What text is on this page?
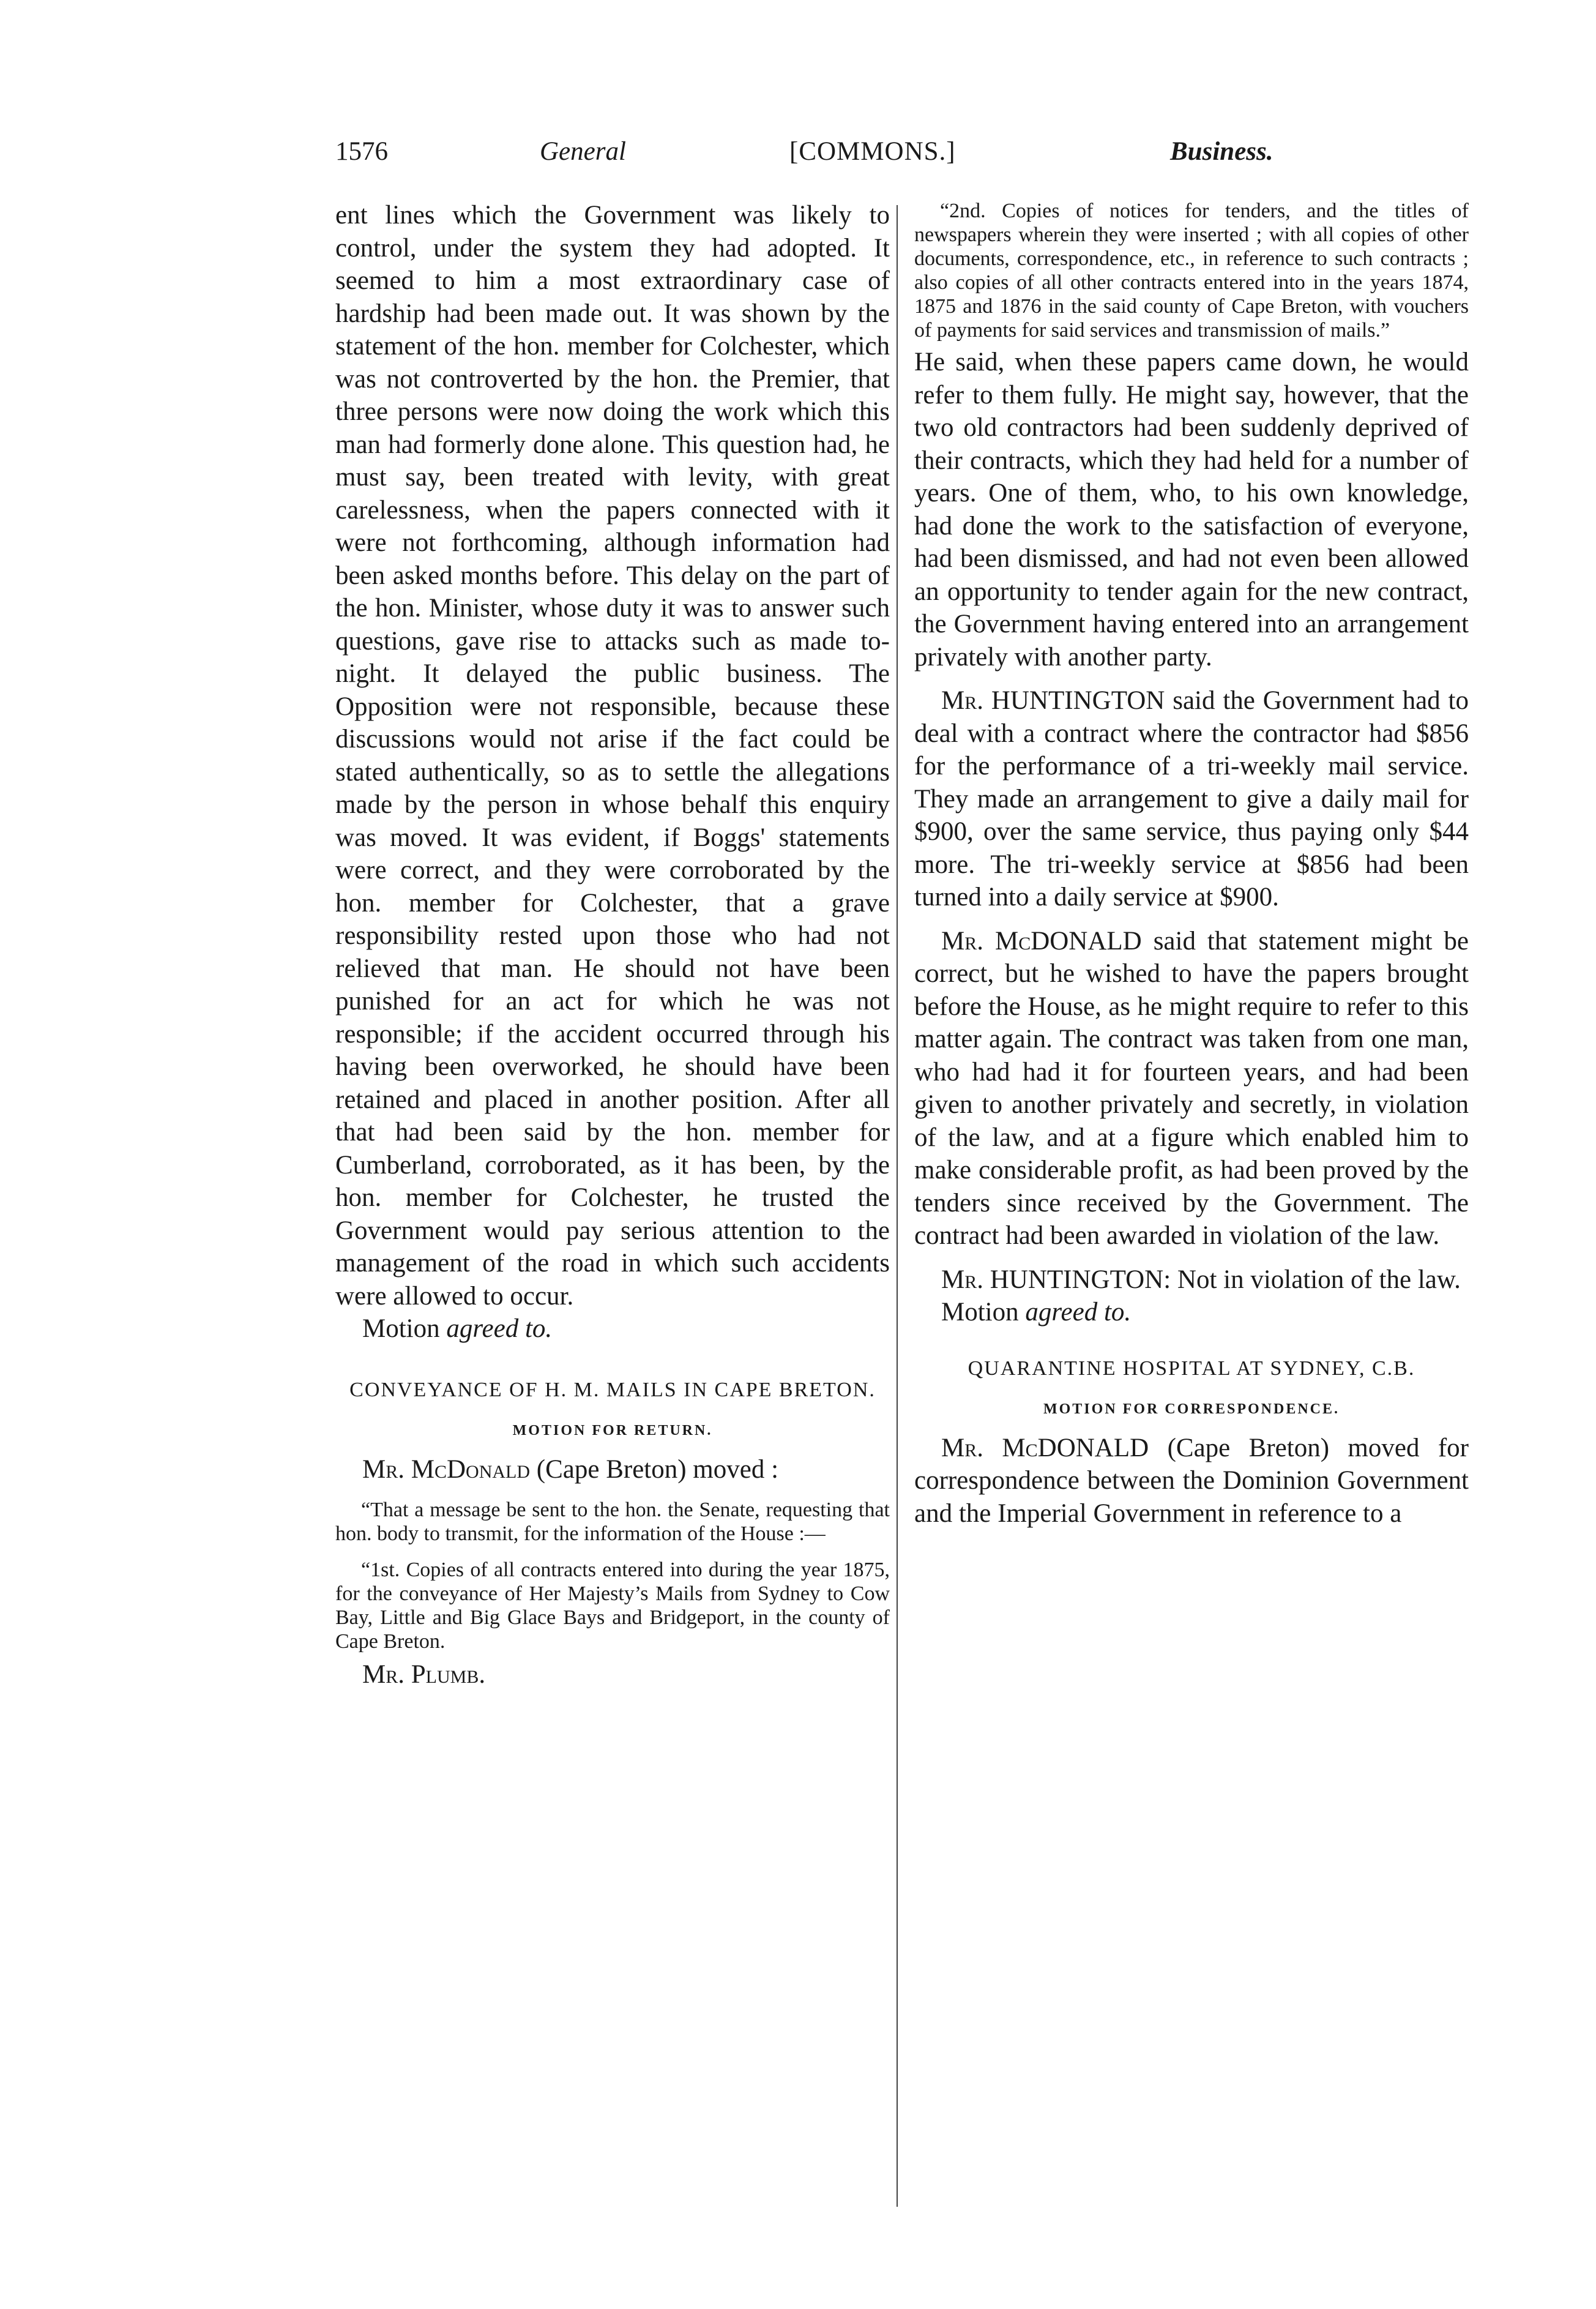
1576	General	[COMMONS.]	Business.

ent lines which the Government was likely to control, under the system they had adopted. It seemed to him a most extraordinary case of hardship had been made out. It was shown by the statement of the hon. member for Colchester, which was not controverted by the hon. the Premier, that three persons were now doing the work which this man had formerly done alone. This question had, he must say, been treated with levity, with great carelessness, when the papers connected with it were not forthcoming, although information had been asked months before. This delay on the part of the hon. Minister, whose duty it was to answer such questions, gave rise to attacks such as made to-night. It delayed the public business. The Opposition were not responsible, because these discussions would not arise if the fact could be stated authentically, so as to settle the allegations made by the person in whose behalf this enquiry was moved. It was evident, if Boggs' statements were correct, and they were corroborated by the hon. member for Colchester, that a grave responsibility rested upon those who had not relieved that man. He should not have been punished for an act for which he was not responsible; if the accident occurred through his having been overworked, he should have been retained and placed in another position. After all that had been said by the hon. member for Cumberland, corroborated, as it has been, by the hon. member for Colchester, he trusted the Government would pay serious attention to the management of the road in which such accidents were allowed to occur.

Motion agreed to.

CONVEYANCE OF H. M. MAILS IN CAPE BRETON.

MOTION FOR RETURN.

Mr. McDonald (Cape Breton) moved :

“That a message be sent to the hon. the Senate, requesting that hon. body to transmit, for the information of the House :—

“1st. Copies of all contracts entered into during the year 1875, for the conveyance of Her Majesty’s Mails from Sydney to Cow Bay, Little and Big Glace Bays and Bridgeport, in the county of Cape Breton.

Mr. Plumb.

“2nd. Copies of notices for tenders, and the titles of newspapers wherein they were inserted ; with all copies of other documents, correspondence, etc., in reference to such contracts ; also copies of all other contracts entered into in the years 1874, 1875 and 1876 in the said county of Cape Breton, with vouchers of payments for said services and transmission of mails.”

He said, when these papers came down, he would refer to them fully. He might say, however, that the two old contractors had been suddenly deprived of their contracts, which they had held for a number of years. One of them, who, to his own knowledge, had done the work to the satisfaction of everyone, had been dismissed, and had not even been allowed an opportunity to tender again for the new contract, the Government having entered into an arrangement privately with another party.

Mr. HUNTINGTON said the Government had to deal with a contract where the contractor had $856 for the performance of a tri-weekly mail service. They made an arrangement to give a daily mail for $900, over the same service, thus paying only $44 more. The tri-weekly service at $856 had been turned into a daily service at $900.

Mr. McDONALD said that statement might be correct, but he wished to have the papers brought before the House, as he might require to refer to this matter again. The contract was taken from one man, who had had it for fourteen years, and had been given to another privately and secretly, in violation of the law, and at a figure which enabled him to make considerable profit, as had been proved by the tenders since received by the Government. The contract had been awarded in violation of the law.

Mr. HUNTINGTON: Not in violation of the law.

Motion agreed to.

QUARANTINE HOSPITAL AT SYDNEY, C.B.

MOTION FOR CORRESPONDENCE.

Mr. McDONALD (Cape Breton) moved for correspondence between the Dominion Government and the Imperial Government in reference to a
